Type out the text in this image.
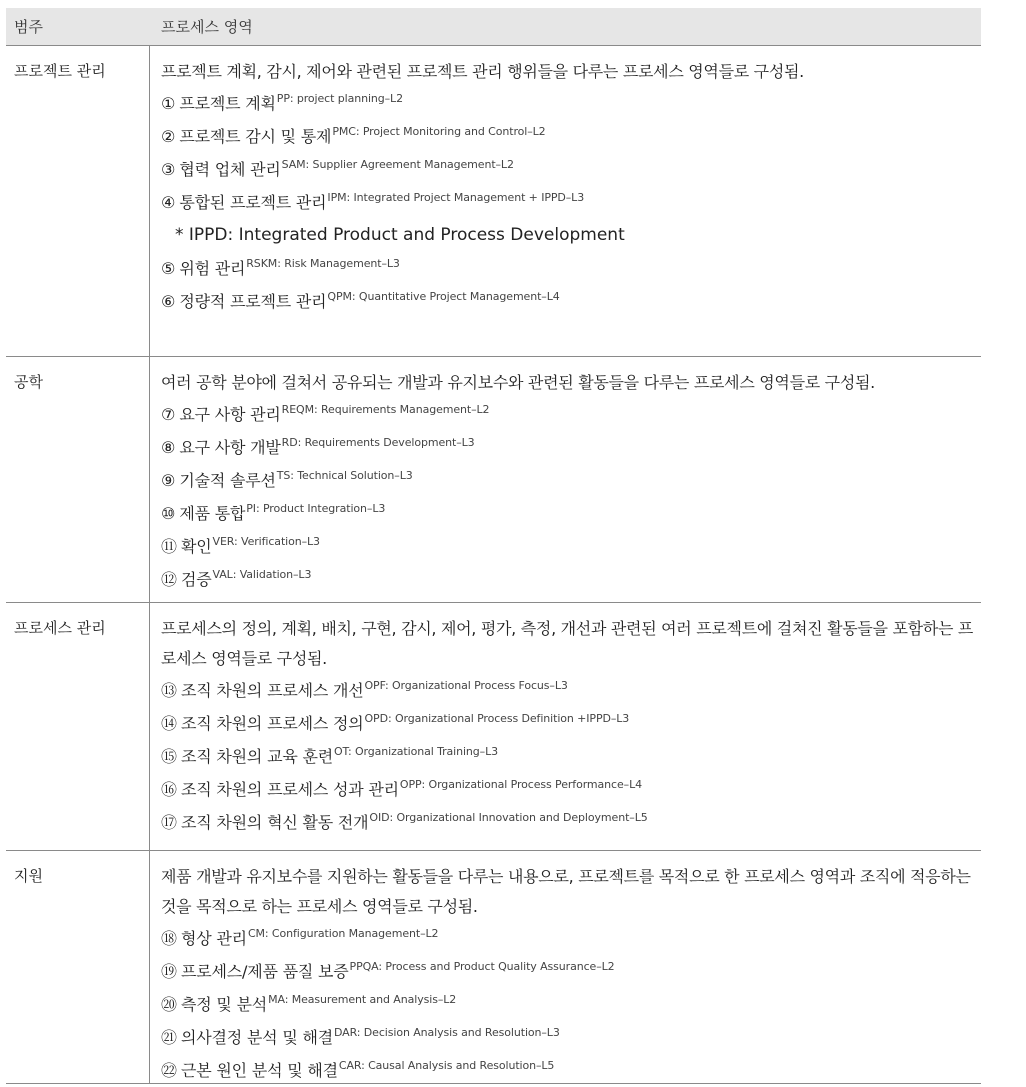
범주	프로세스 영역
프로젝트 관리	프로젝트 계획, 감시, 제어와 관련된 프로젝트 관리 행위들을 다루는 프로세스 영역들로 구성됨.
① 프로젝트 계획 PP: project planning–L2
② 프로젝트 감시 및 통제 PMC: Project Monitoring and Control–L2
③ 협력 업체 관리 SAM: Supplier Agreement Management–L2
④ 통합된 프로젝트 관리 IPM: Integrated Project Management + IPPD–L3
* IPPD: Integrated Product and Process Development
⑤ 위험 관리 RSKM: Risk Management–L3
⑥ 정량적 프로젝트 관리 QPM: Quantitative Project Management–L4
공학	여러 공학 분야에 걸쳐서 공유되는 개발과 유지보수와 관련된 활동들을 다루는 프로세스 영역들로 구성됨.
⑦ 요구 사항 관리 REQM: Requirements Management–L2
⑧ 요구 사항 개발 RD: Requirements Development–L3
⑨ 기술적 솔루션 TS: Technical Solution–L3
⑩ 제품 통합 PI: Product Integration–L3
⑪ 확인 VER: Verification–L3
⑫ 검증 VAL: Validation–L3
프로세스 관리	프로세스의 정의, 계획, 배치, 구현, 감시, 제어, 평가, 측정, 개선과 관련된 여러 프로젝트에 걸쳐진 활동들을 포함하는 프로세스 영역들로 구성됨.
⑬ 조직 차원의 프로세스 개선 OPF: Organizational Process Focus–L3
⑭ 조직 차원의 프로세스 정의 OPD: Organizational Process Definition +IPPD–L3
⑮ 조직 차원의 교육 훈련 OT: Organizational Training–L3
⑯ 조직 차원의 프로세스 성과 관리 OPP: Organizational Process Performance–L4
⑰ 조직 차원의 혁신 활동 전개 OID: Organizational Innovation and Deployment–L5
지원	제품 개발과 유지보수를 지원하는 활동들을 다루는 내용으로, 프로젝트를 목적으로 한 프로세스 영역과 조직에 적응하는 것을 목적으로 하는 프로세스 영역들로 구성됨.
⑱ 형상 관리 CM: Configuration Management–L2
⑲ 프로세스/제품 품질 보증 PPQA: Process and Product Quality Assurance–L2
⑳ 측정 및 분석 MA: Measurement and Analysis–L2
㉑ 의사결정 분석 및 해결 DAR: Decision Analysis and Resolution–L3
㉒ 근본 원인 분석 및 해결 CAR: Causal Analysis and Resolution–L5
